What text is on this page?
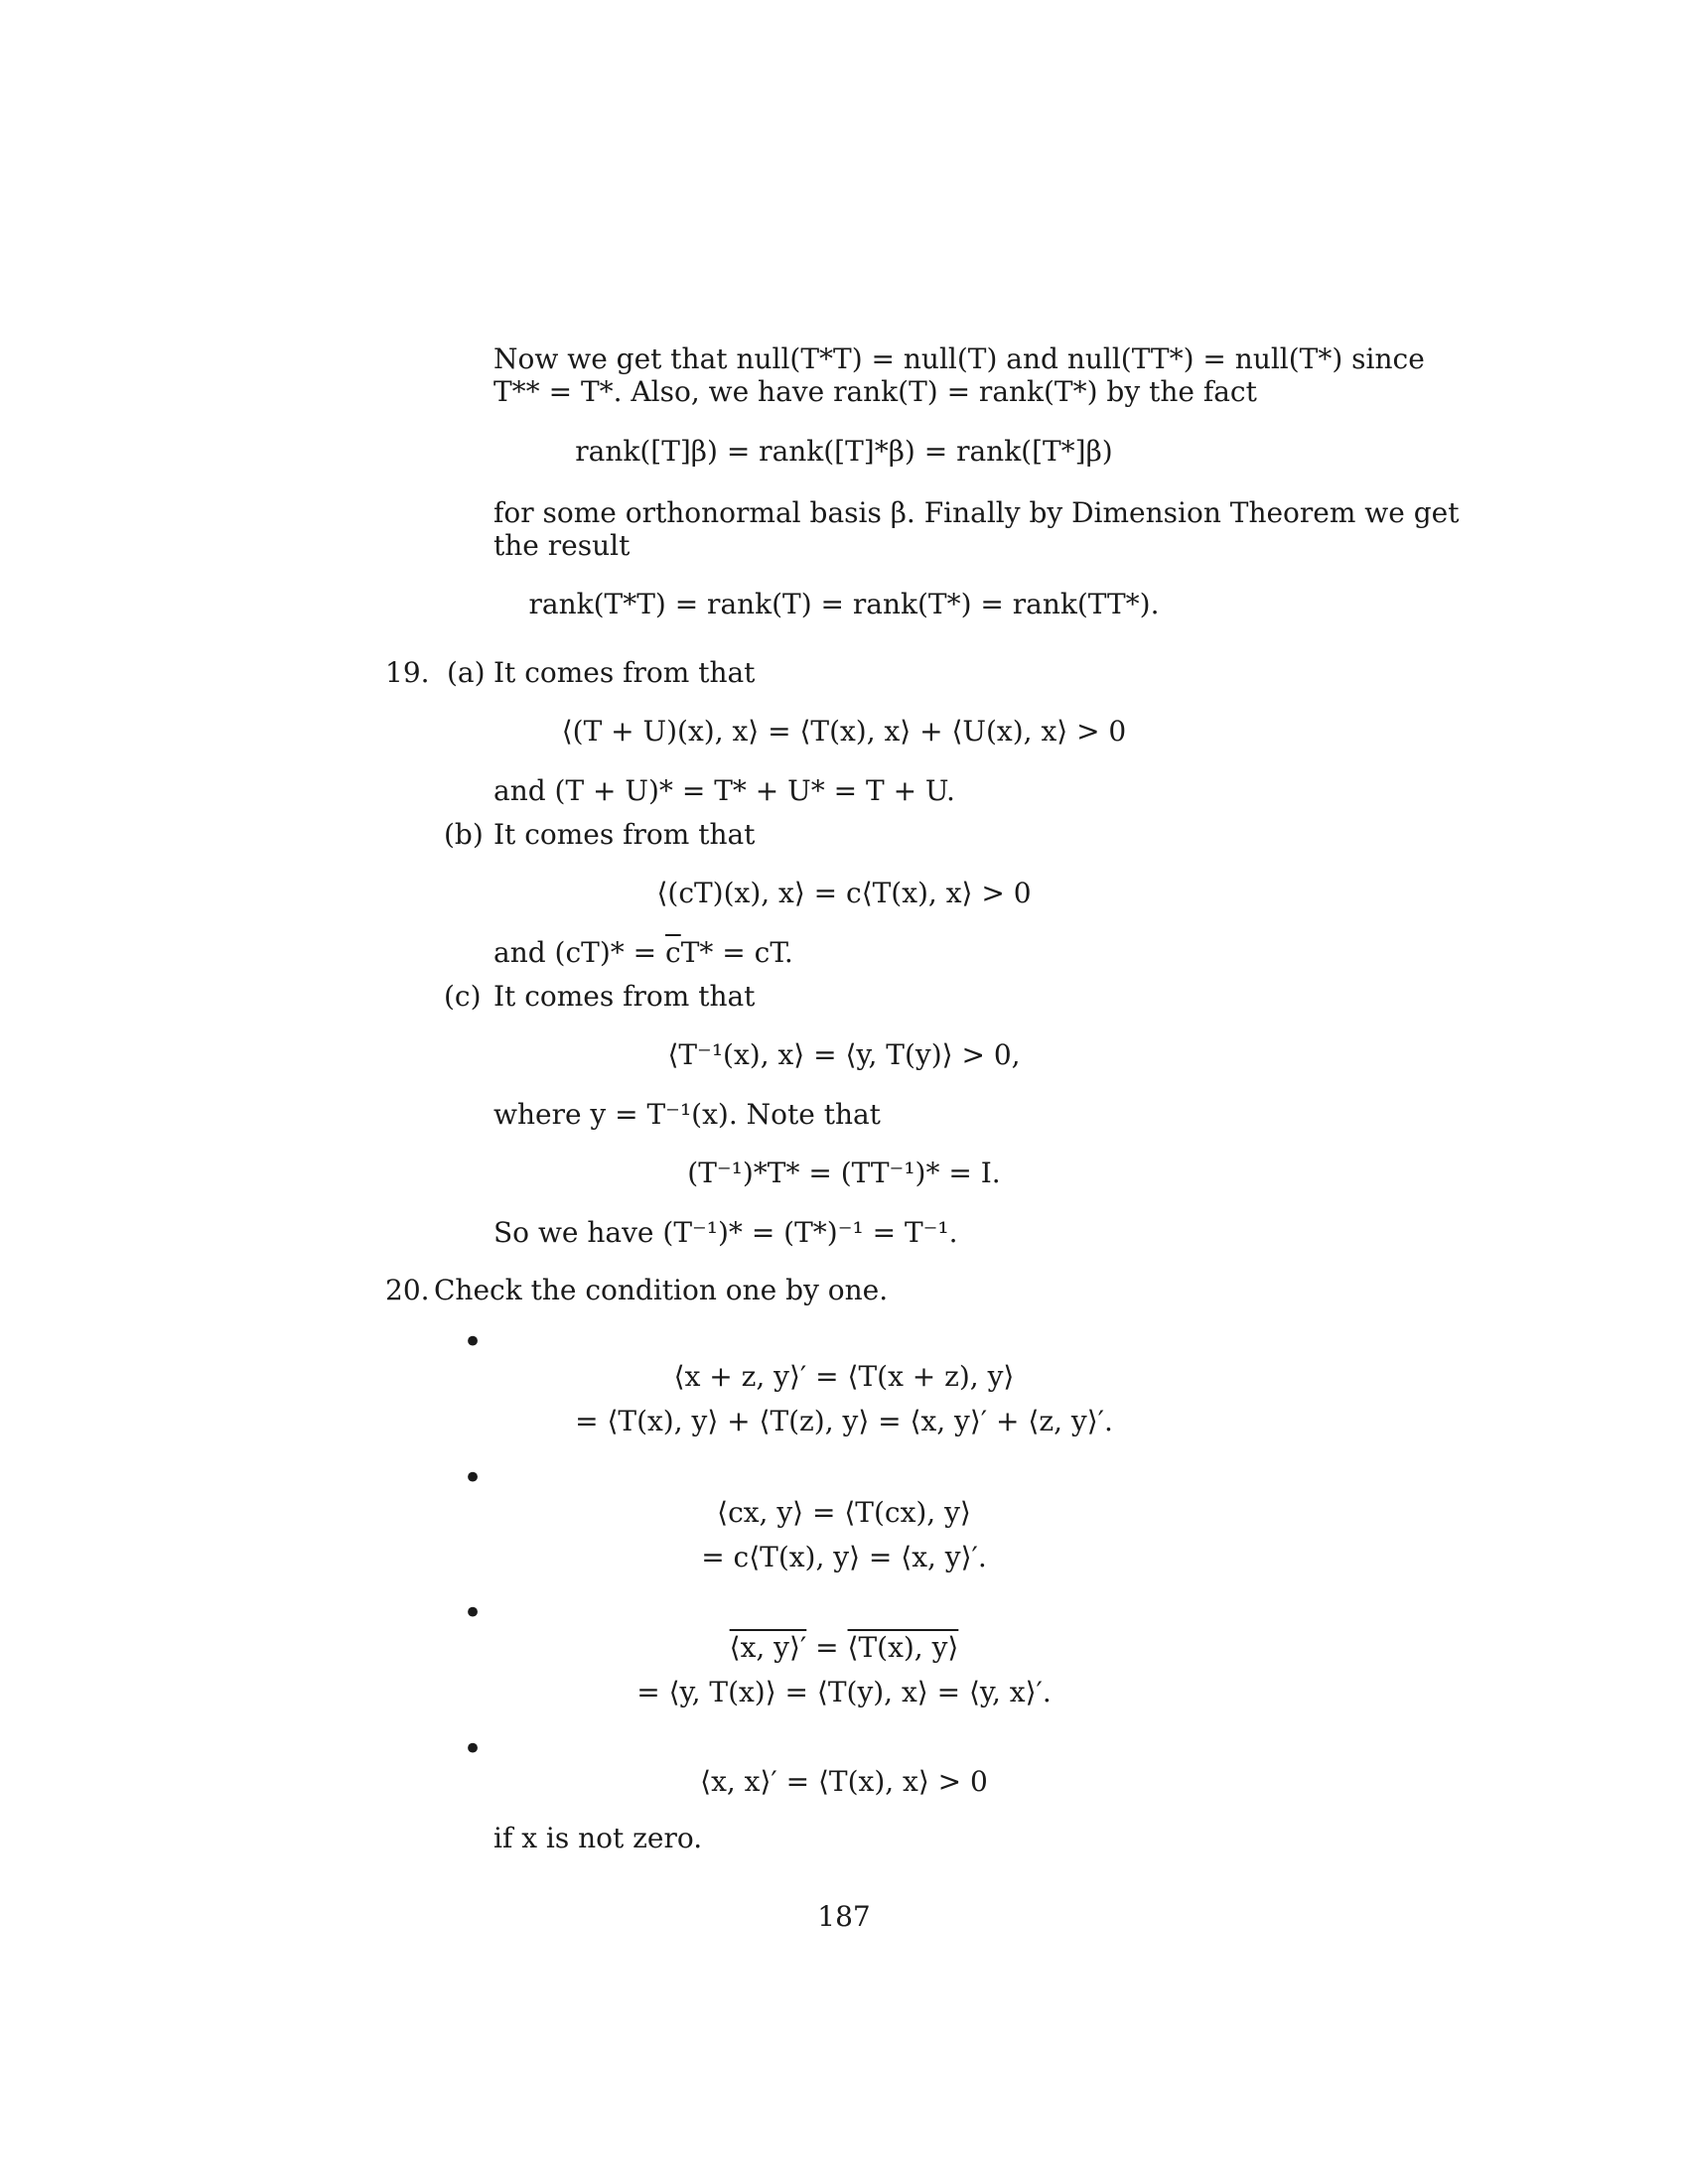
Now we get that null(T*T) = null(T) and null(TT*) = null(T*) since
T** = T*. Also, we have rank(T) = rank(T*) by the fact
rank([T]β) = rank([T]*β) = rank([T*]β)
for some orthonormal basis β. Finally by Dimension Theorem we get
the result
rank(T*T) = rank(T) = rank(T*) = rank(TT*).
19. (a) It comes from that
⟨(T + U)(x), x⟩ = ⟨T(x), x⟩ + ⟨U(x), x⟩ > 0
and (T + U)* = T* + U* = T + U.
(b) It comes from that
⟨(cT)(x), x⟩ = c⟨T(x), x⟩ > 0
and $(cT)* = \overline{c}T*$ = cT.
(c) It comes from that
⟨T⁻¹(x), x⟩ = ⟨y, T(y)⟩ > 0,
where y = T⁻¹(x). Note that
(T⁻¹)*T* = (TT⁻¹)* = I.
So we have (T⁻¹)* = (T*)⁻¹ = T⁻¹.
20. Check the condition one by one.
•
⟨x + z, y⟩′ = ⟨T(x + z), y⟩
= ⟨T(x), y⟩ + ⟨T(z), y⟩ = ⟨x, y⟩′ + ⟨z, y⟩′.
•
⟨cx, y⟩ = ⟨T(cx), y⟩
= c⟨T(x), y⟩ = ⟨x, y⟩′.
•
⟨x, y⟩′ = ⟨T(x), y⟩
= ⟨y, T(x)⟩ = ⟨T(y), x⟩ = ⟨y, x⟩′.
•
⟨x, x⟩′ = ⟨T(x), x⟩ > 0
if x is not zero.
187
